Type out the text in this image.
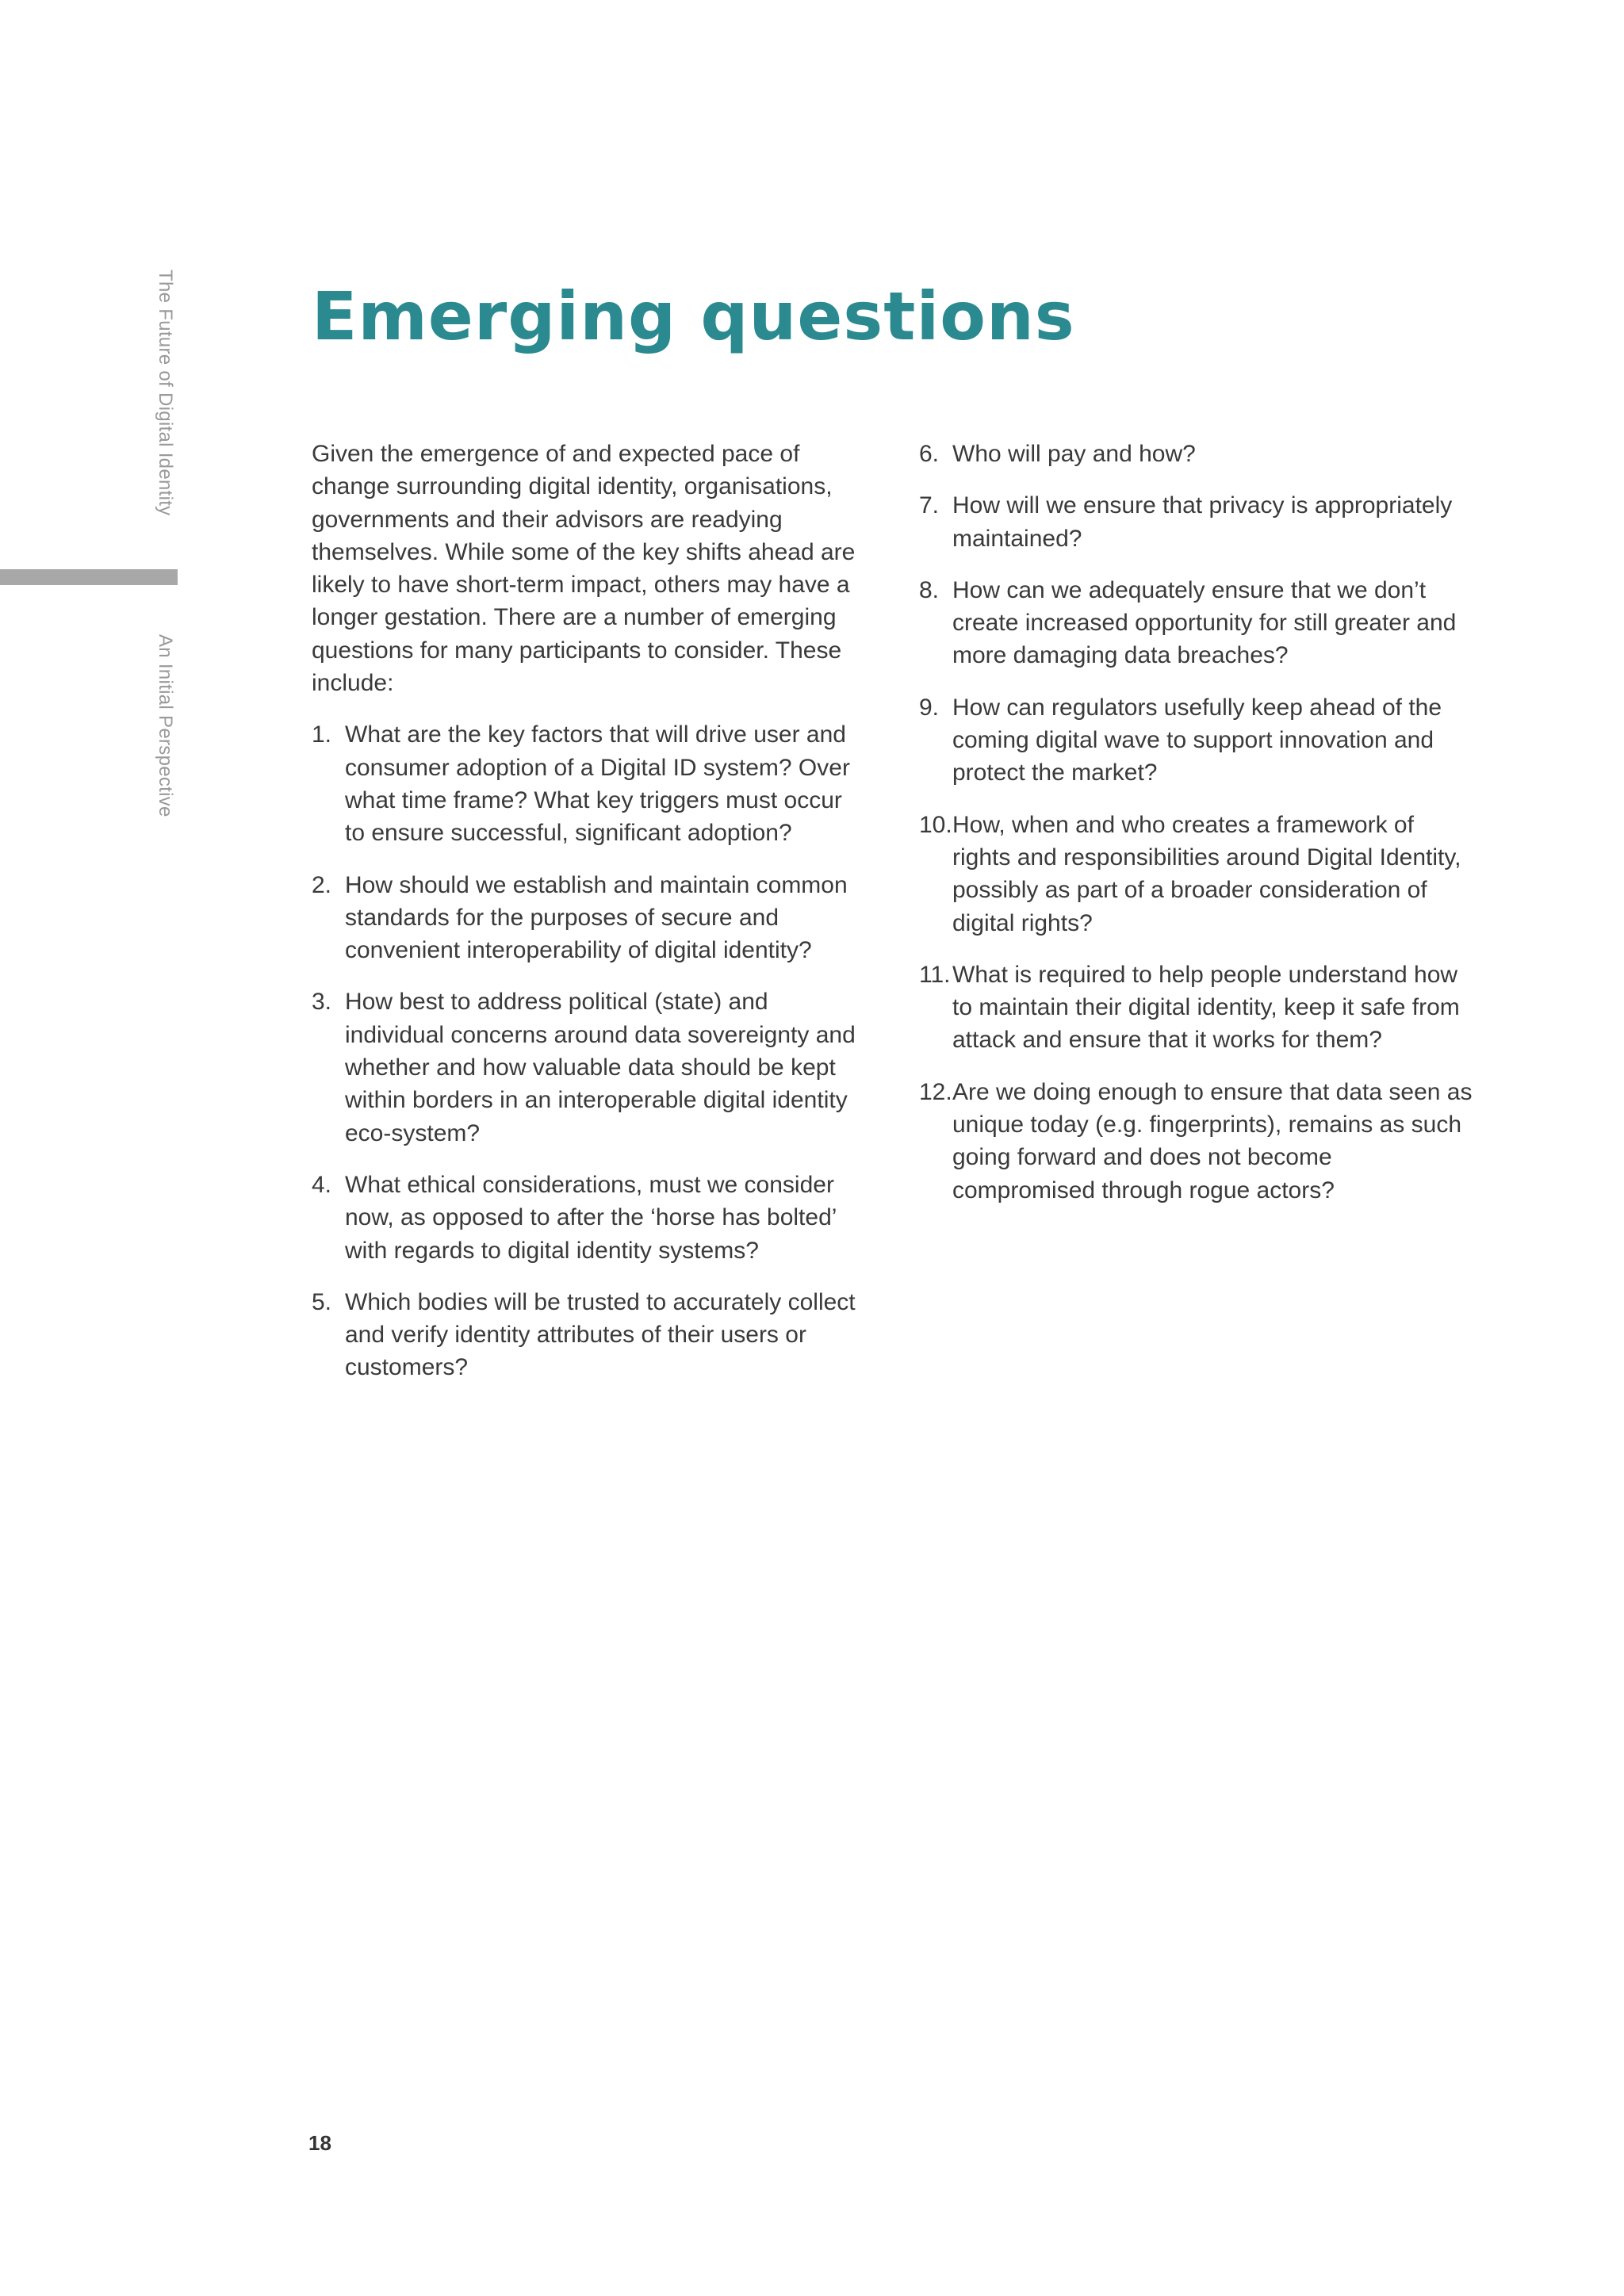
The Future of Digital Identity
An Initial Perspective
Emerging questions

Given the emergence of and expected pace of change surrounding digital identity, organisations, governments and their advisors are readying themselves. While some of the key shifts ahead are likely to have short-term impact, others may have a longer gestation. There are a number of emerging questions for many participants to consider. These include:

1. What are the key factors that will drive user and consumer adoption of a Digital ID system? Over what time frame? What key triggers must occur to ensure successful, significant adoption?
2. How should we establish and maintain common standards for the purposes of secure and convenient interoperability of digital identity?
3. How best to address political (state) and individual concerns around data sovereignty and whether and how valuable data should be kept within borders in an interoperable digital identity eco-system?
4. What ethical considerations, must we consider now, as opposed to after the ‘horse has bolted’ with regards to digital identity systems?
5. Which bodies will be trusted to accurately collect and verify identity attributes of their users or customers?
6. Who will pay and how?
7. How will we ensure that privacy is appropriately maintained?
8. How can we adequately ensure that we don’t create increased opportunity for still greater and more damaging data breaches?
9. How can regulators usefully keep ahead of the coming digital wave to support innovation and protect the market?
10. How, when and who creates a framework of rights and responsibilities around Digital Identity, possibly as part of a broader consideration of digital rights?
11. What is required to help people understand how to maintain their digital identity, keep it safe from attack and ensure that it works for them?
12. Are we doing enough to ensure that data seen as unique today (e.g. fingerprints), remains as such going forward and does not become compromised through rogue actors?
18
